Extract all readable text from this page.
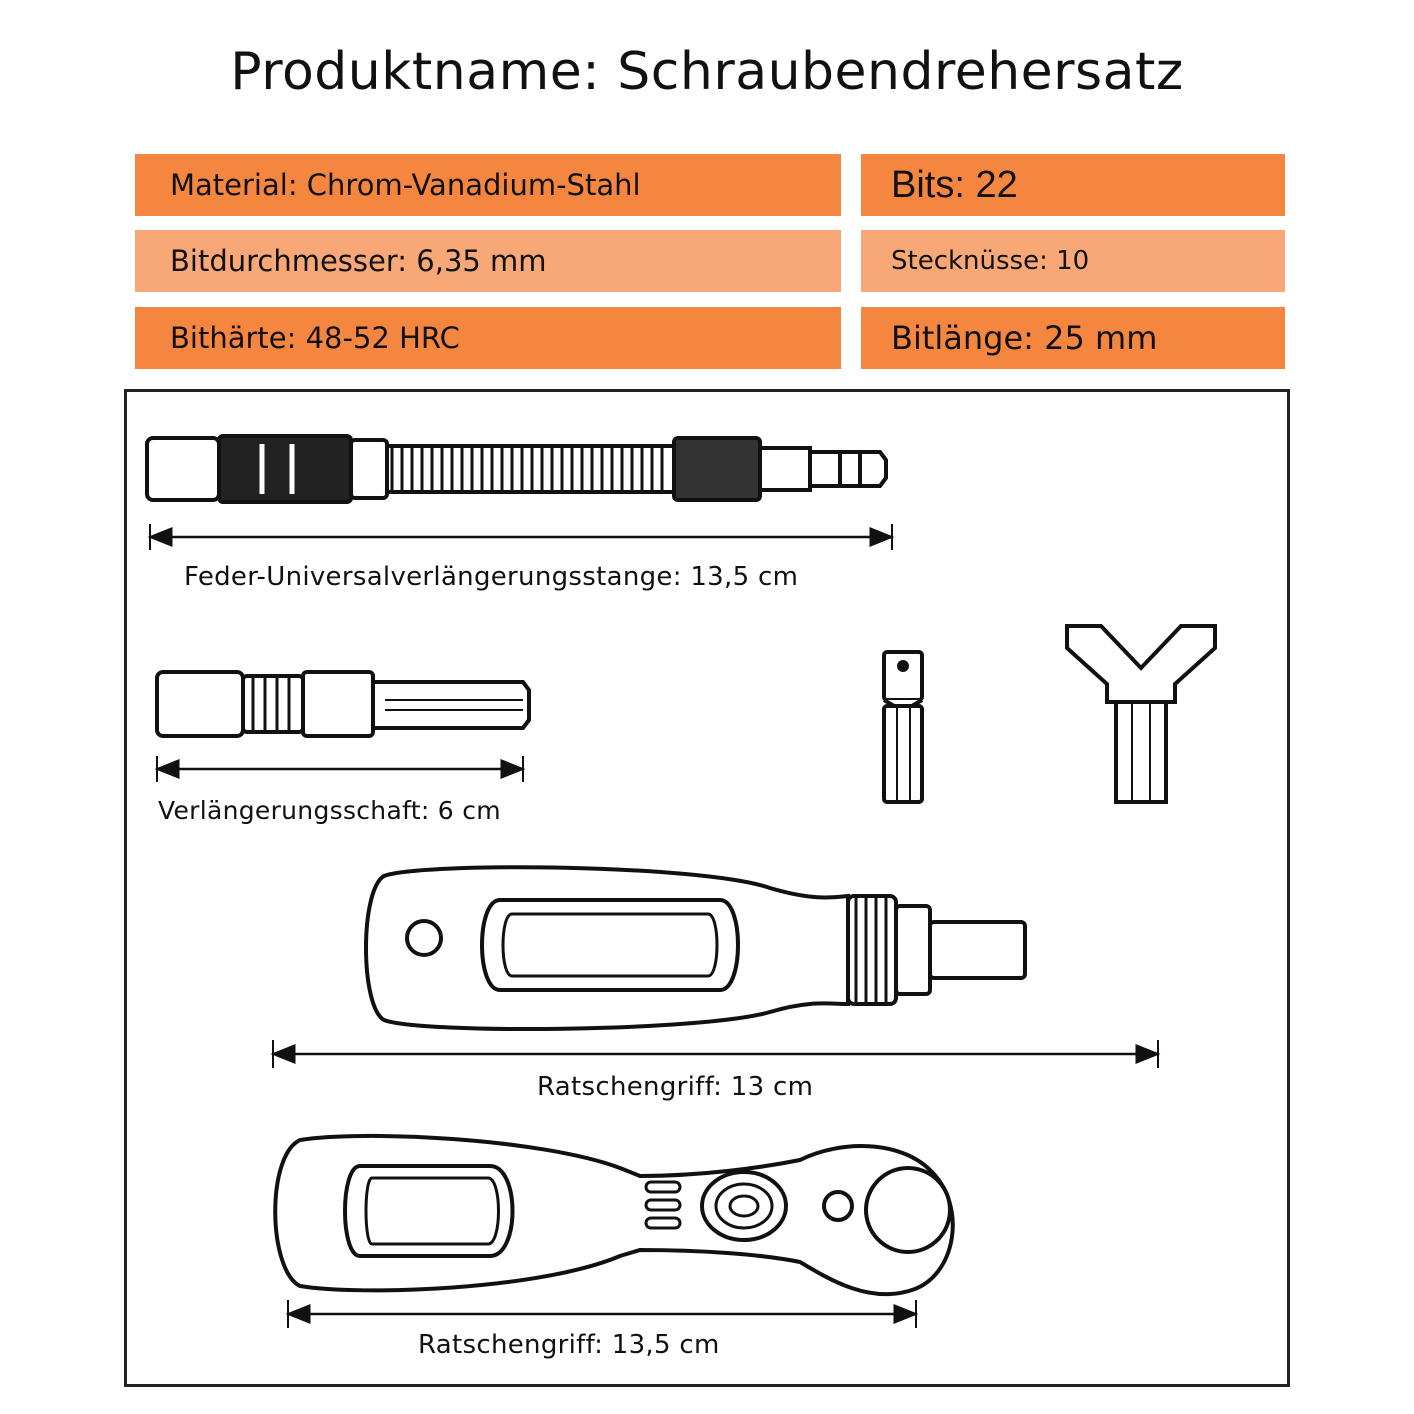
Produktname: Schraubendrehersatz
Material: Chrom-Vanadium-Stahl	Bits: 22
Bitdurchmesser: 6,35 mm	Stecknüsse: 10
Bithärte: 48-52 HRC	Bitlänge: 25 mm
Feder-Universalverlängerungsstange: 13,5 cm
Verlängerungsschaft: 6 cm
Ratschengriff: 13 cm
Ratschengriff: 13,5 cm
